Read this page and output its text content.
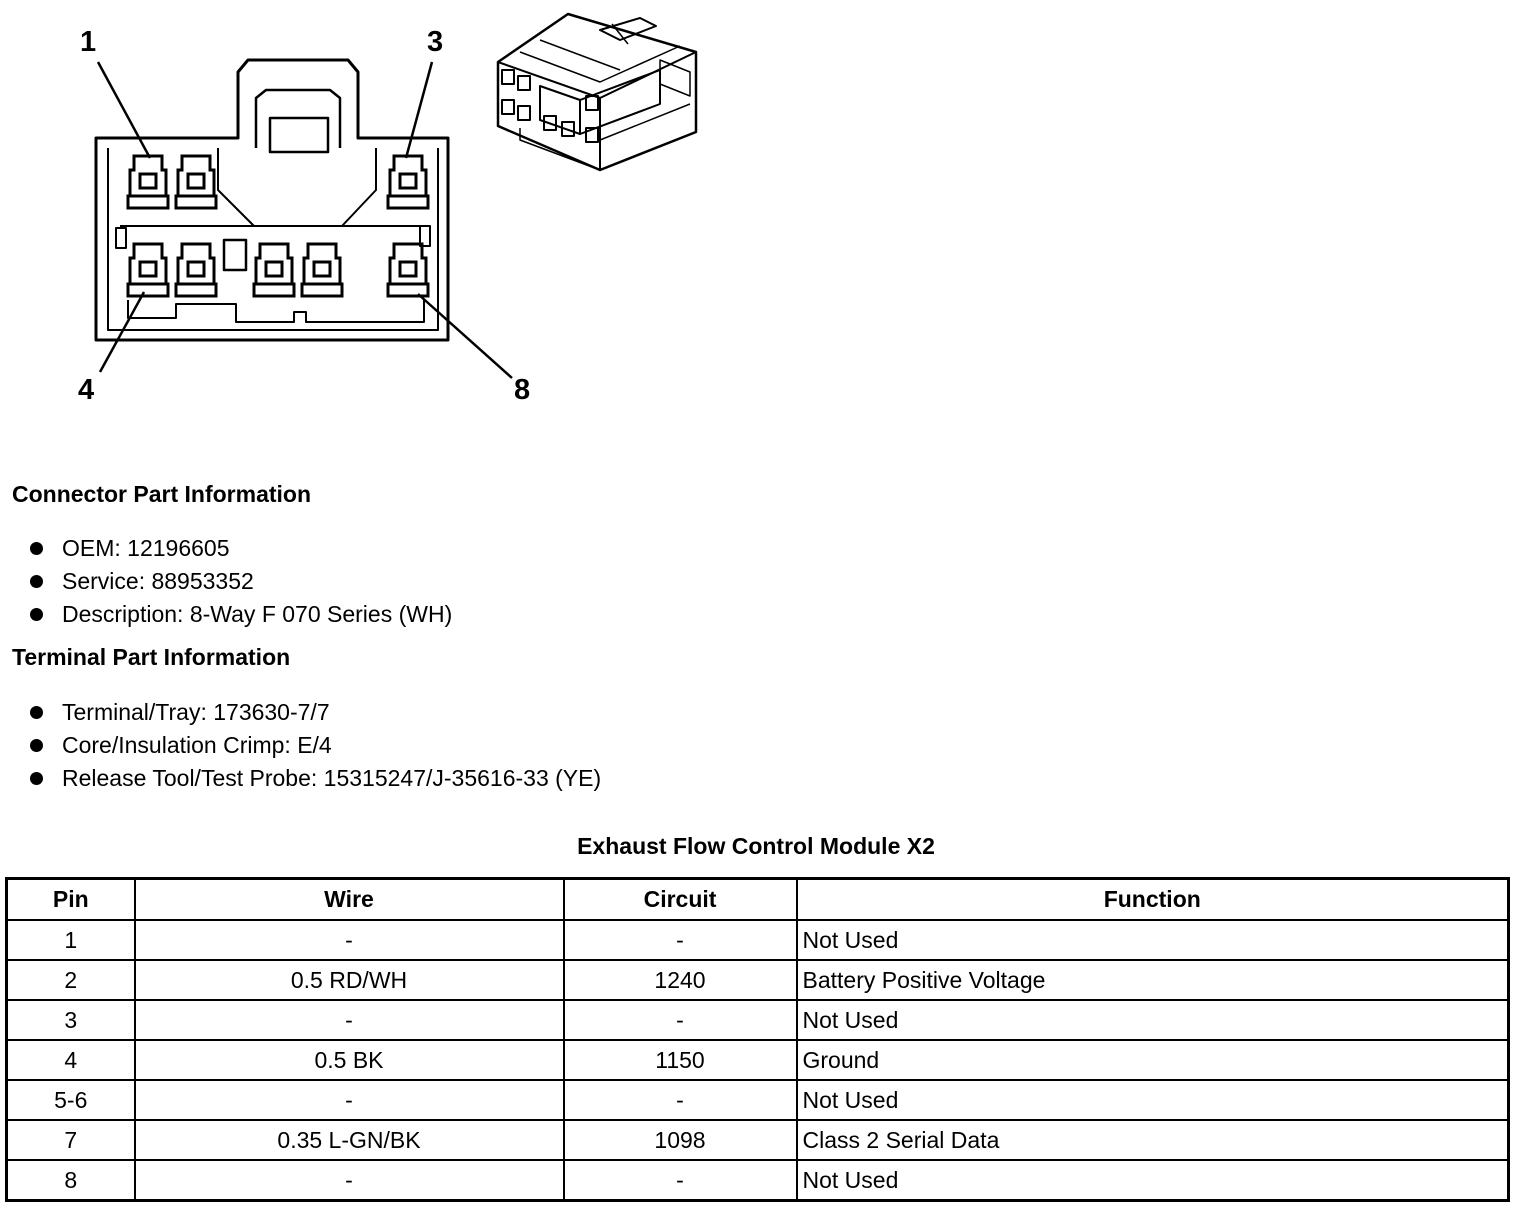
1	3
4	8
Connector Part Information
OEM: 12196605
Service: 88953352
Description: 8-Way F 070 Series (WH)
Terminal Part Information
Terminal/Tray: 173630-7/7
Core/Insulation Crimp: E/4
Release Tool/Test Probe: 15315247/J-35616-33 (YE)
Exhaust Flow Control Module X2
Pin	Wire	Circuit	Function
1	-	-	Not Used
2	0.5 RD/WH	1240	Battery Positive Voltage
3	-	-	Not Used
4	0.5 BK	1150	Ground
5-6	-	-	Not Used
7	0.35 L-GN/BK	1098	Class 2 Serial Data
8	-	-	Not Used
